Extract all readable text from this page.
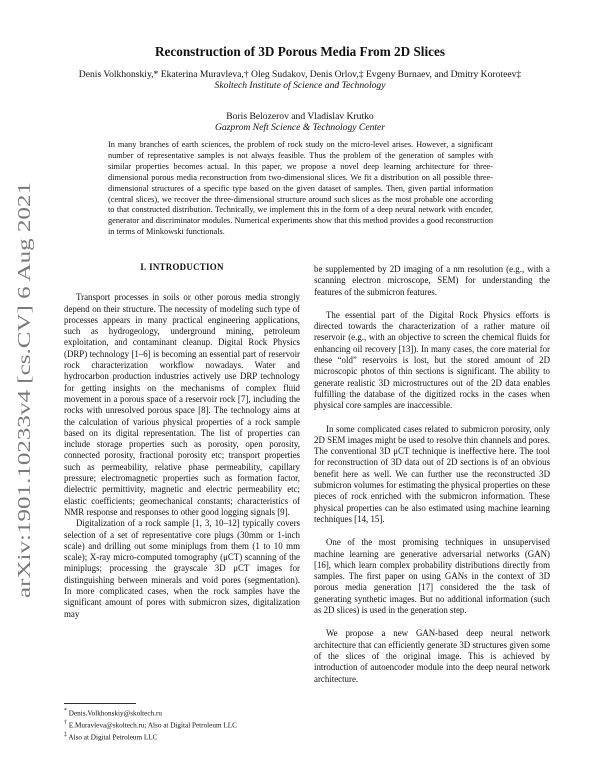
arXiv:1901.10233v4 [cs.CV] 6 Aug 2021
Reconstruction of 3D Porous Media From 2D Slices
Denis Volkhonskiy,* Ekaterina Muravleva,† Oleg Sudakov, Denis Orlov,‡ Evgeny Burnaev, and Dmitry Koroteev‡
Skoltech Institute of Science and Technology
Boris Belozerov and Vladislav Krutko
Gazprom Neft Science & Technology Center

In many branches of earth sciences, the problem of rock study on the micro-level arises. However, a significant number of representative samples is not always feasible. Thus the problem of the generation of samples with similar properties becomes actual. In this paper, we propose a novel deep learning architecture for three-dimensional porous media reconstruction from two-dimensional slices. We fit a distribution on all possible three-dimensional structures of a specific type based on the given dataset of samples. Then, given partial information (central slices), we recover the three-dimensional structure around such slices as the most probable one according to that constructed distribution. Technically, we implement this in the form of a deep neural network with encoder, generator and discriminator modules. Numerical experiments show that this method provides a good reconstruction in terms of Minkowski functionals.

I. INTRODUCTION

Transport processes in soils or other porous media strongly depend on their structure. The necessity of modeling such type of processes appears in many practical engineering applications, such as hydrogeology, underground mining, petroleum exploitation, and contaminant cleanup. Digital Rock Physics (DRP) technology [1–6] is becoming an essential part of reservoir rock characterization workflow nowadays. Water and hydrocarbon production industries actively use DRP technology for getting insights on the mechanisms of complex fluid movement in a porous space of a reservoir rock [7], including the rocks with unresolved porous space [8]. The technology aims at the calculation of various physical properties of a rock sample based on its digital representation. The list of properties can include storage properties such as porosity, open porosity, connected porosity, fractional porosity etc; transport properties such as permeability, relative phase permeability, capillary pressure; electromagnetic properties such as formation factor, dielectric permittivity, magnetic and electric permeability etc; elastic coefficients; geomechanical constants; characteristics of NMR response and responses to other good logging signals [9].

Digitalization of a rock sample [1, 3, 10–12] typically covers selection of a set of representative core plugs (30mm or 1-inch scale) and drilling out some miniplugs from them (1 to 10 mm scale); X-ray micro-computed tomography (μCT) scanning of the miniplugs; processing the grayscale 3D μCT images for distinguishing between minerals and void pores (segmentation). In more complicated cases, when the rock samples have the significant amount of pores with submicron sizes, digitalization may

be supplemented by 2D imaging of a nm resolution (e.g., with a scanning electron microscope, SEM) for understanding the features of the submicron features.

The essential part of the Digital Rock Physics efforts is directed towards the characterization of a rather mature oil reservoir (e.g., with an objective to screen the chemical fluids for enhancing oil recovery [13]). In many cases, the core material for these “old” reservoirs is lost, but the stored amount of 2D microscopic photos of thin sections is significant. The ability to generate realistic 3D microstructures out of the 2D data enables fulfilling the database of the digitized rocks in the cases when physical core samples are inaccessible.

In some complicated cases related to submicron porosity, only 2D SEM images might be used to resolve thin channels and pores. The conventional 3D μCT technique is ineffective here. The tool for reconstruction of 3D data out of 2D sections is of an obvious benefit here as well. We can further use the reconstructed 3D submicron volumes for estimating the physical properties on these pieces of rock enriched with the submicron information. These physical properties can be also estimated using machine learning techniques [14, 15].

One of the most promising techniques in unsupervised machine learning are generative adversarial networks (GAN) [16], which learn complex probability distributions directly from samples. The first paper on using GANs in the context of 3D porous media generation [17] considered the the task of generating synthetic images. But no additional information (such as 2D slices) is used in the generation step.

We propose a new GAN-based deep neural network architecture that can efficiently generate 3D structures given some of the slices of the original image. This is achieved by introduction of autoencoder module into the deep neural network architecture.

* Denis.Volkhonskiy@skoltech.ru
† E.Muravleva@skoltech.ru; Also at Digital Petroleum LLC
‡ Also at Digital Petroleum LLC
